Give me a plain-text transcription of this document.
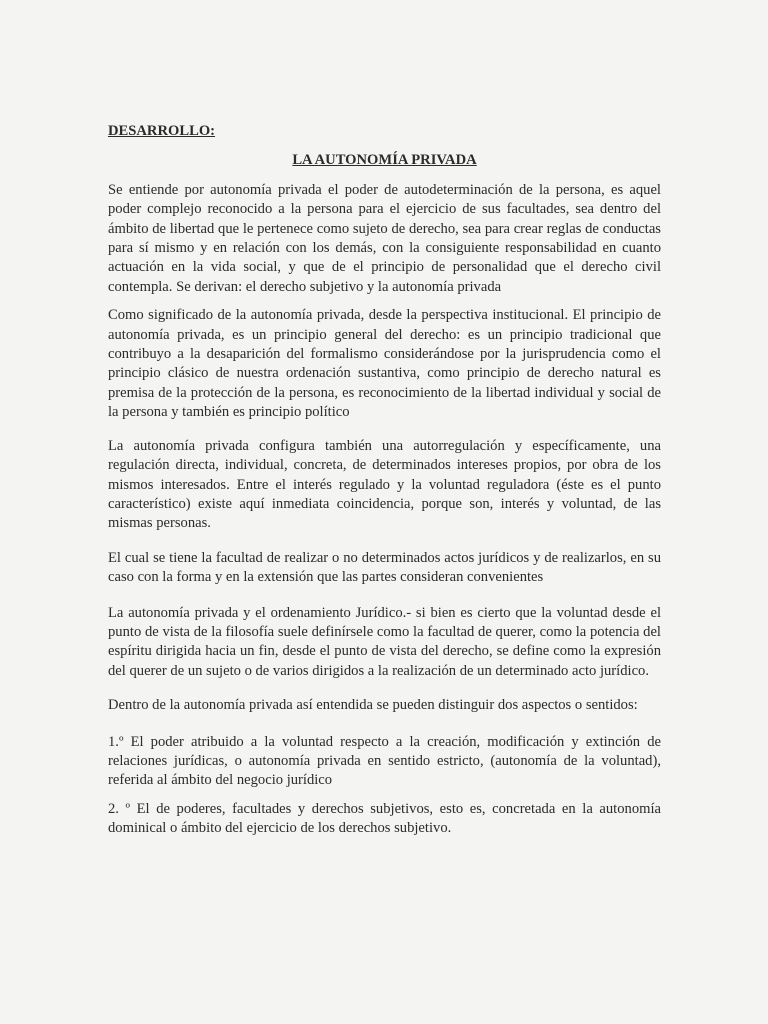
DESARROLLO:

LA AUTONOMÍA PRIVADA

Se entiende por autonomía privada el poder de autodeterminación de la persona, es aquel poder complejo reconocido a la persona para el ejercicio de sus facultades, sea dentro del ámbito de libertad que le pertenece como sujeto de derecho, sea para crear reglas de conductas para sí mismo y en relación con los demás, con la consiguiente responsabilidad en cuanto actuación en la vida social, y que de el principio de personalidad que el derecho civil contempla. Se derivan: el derecho subjetivo y la autonomía privada

Como significado de la autonomía privada, desde la perspectiva institucional. El principio de autonomía privada, es un principio general del derecho: es un principio tradicional que contribuyo a la desaparición del formalismo considerándose por la jurisprudencia como el principio clásico de nuestra ordenación sustantiva, como principio de derecho natural es premisa de la protección de la persona, es reconocimiento de la libertad individual y social de la persona y también es principio político

La autonomía privada configura también una autorregulación y específicamente, una regulación directa, individual, concreta, de determinados intereses propios, por obra de los mismos interesados. Entre el interés regulado y la voluntad reguladora (éste es el punto característico) existe aquí inmediata coincidencia, porque son, interés y voluntad, de las mismas personas.

El cual se tiene la facultad de realizar o no determinados actos jurídicos y de realizarlos, en su caso con la forma y en la extensión que las partes consideran convenientes

La autonomía privada y el ordenamiento Jurídico.- si bien es cierto que la voluntad desde el punto de vista de la filosofía suele definírsele como la facultad de querer, como la potencia del espíritu dirigida hacia un fin, desde el punto de vista del derecho, se define como la expresión del querer de un sujeto o de varios dirigidos a la realización de un determinado acto jurídico.

Dentro de la autonomía privada así entendida se pueden distinguir dos aspectos o sentidos:

1.º El poder atribuido a la voluntad respecto a la creación, modificación y extinción de relaciones jurídicas, o autonomía privada en sentido estricto, (autonomía de la voluntad), referida al ámbito del negocio jurídico

2. º El de poderes, facultades y derechos subjetivos, esto es, concretada en la autonomía dominical o ámbito del ejercicio de los derechos subjetivo.
